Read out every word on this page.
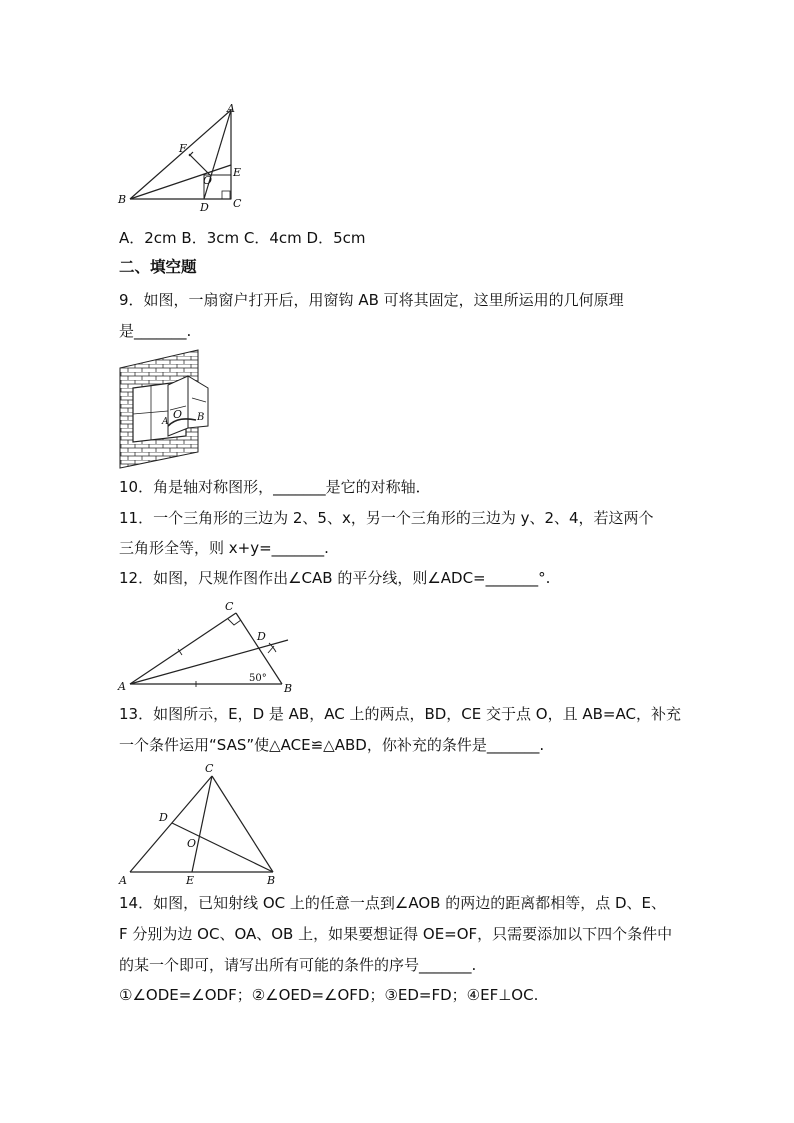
A
B	C
D
E
F
O
A．2cm B．3cm C．4cm D．5cm
二、填空题
9．如图，一扇窗户打开后，用窗钩 AB 可将其固定，这里所运用的几何原理
是_______.
O
A	B
10．角是轴对称图形，_______是它的对称轴．
11．一个三角形的三边为 2、5、x，另一个三角形的三边为 y、2、4，若这两个
三角形全等，则 x+y=_______.
12．如图，尺规作图作出∠CAB 的平分线，则∠ADC=_______°.
A	B
C
D
50°
13．如图所示，E，D 是 AB，AC 上的两点，BD，CE 交于点 O，且 AB=AC，补充
一个条件运用“SAS”使△ACE≌△ABD，你补充的条件是_______.
A	B
C
D
E
O
14．如图，已知射线 OC 上的任意一点到∠AOB 的两边的距离都相等，点 D、E、
F 分别为边 OC、OA、OB 上，如果要想证得 OE=OF，只需要添加以下四个条件中
的某一个即可，请写出所有可能的条件的序号_______.
①∠ODE=∠ODF；②∠OED=∠OFD；③ED=FD；④EF⊥OC.
